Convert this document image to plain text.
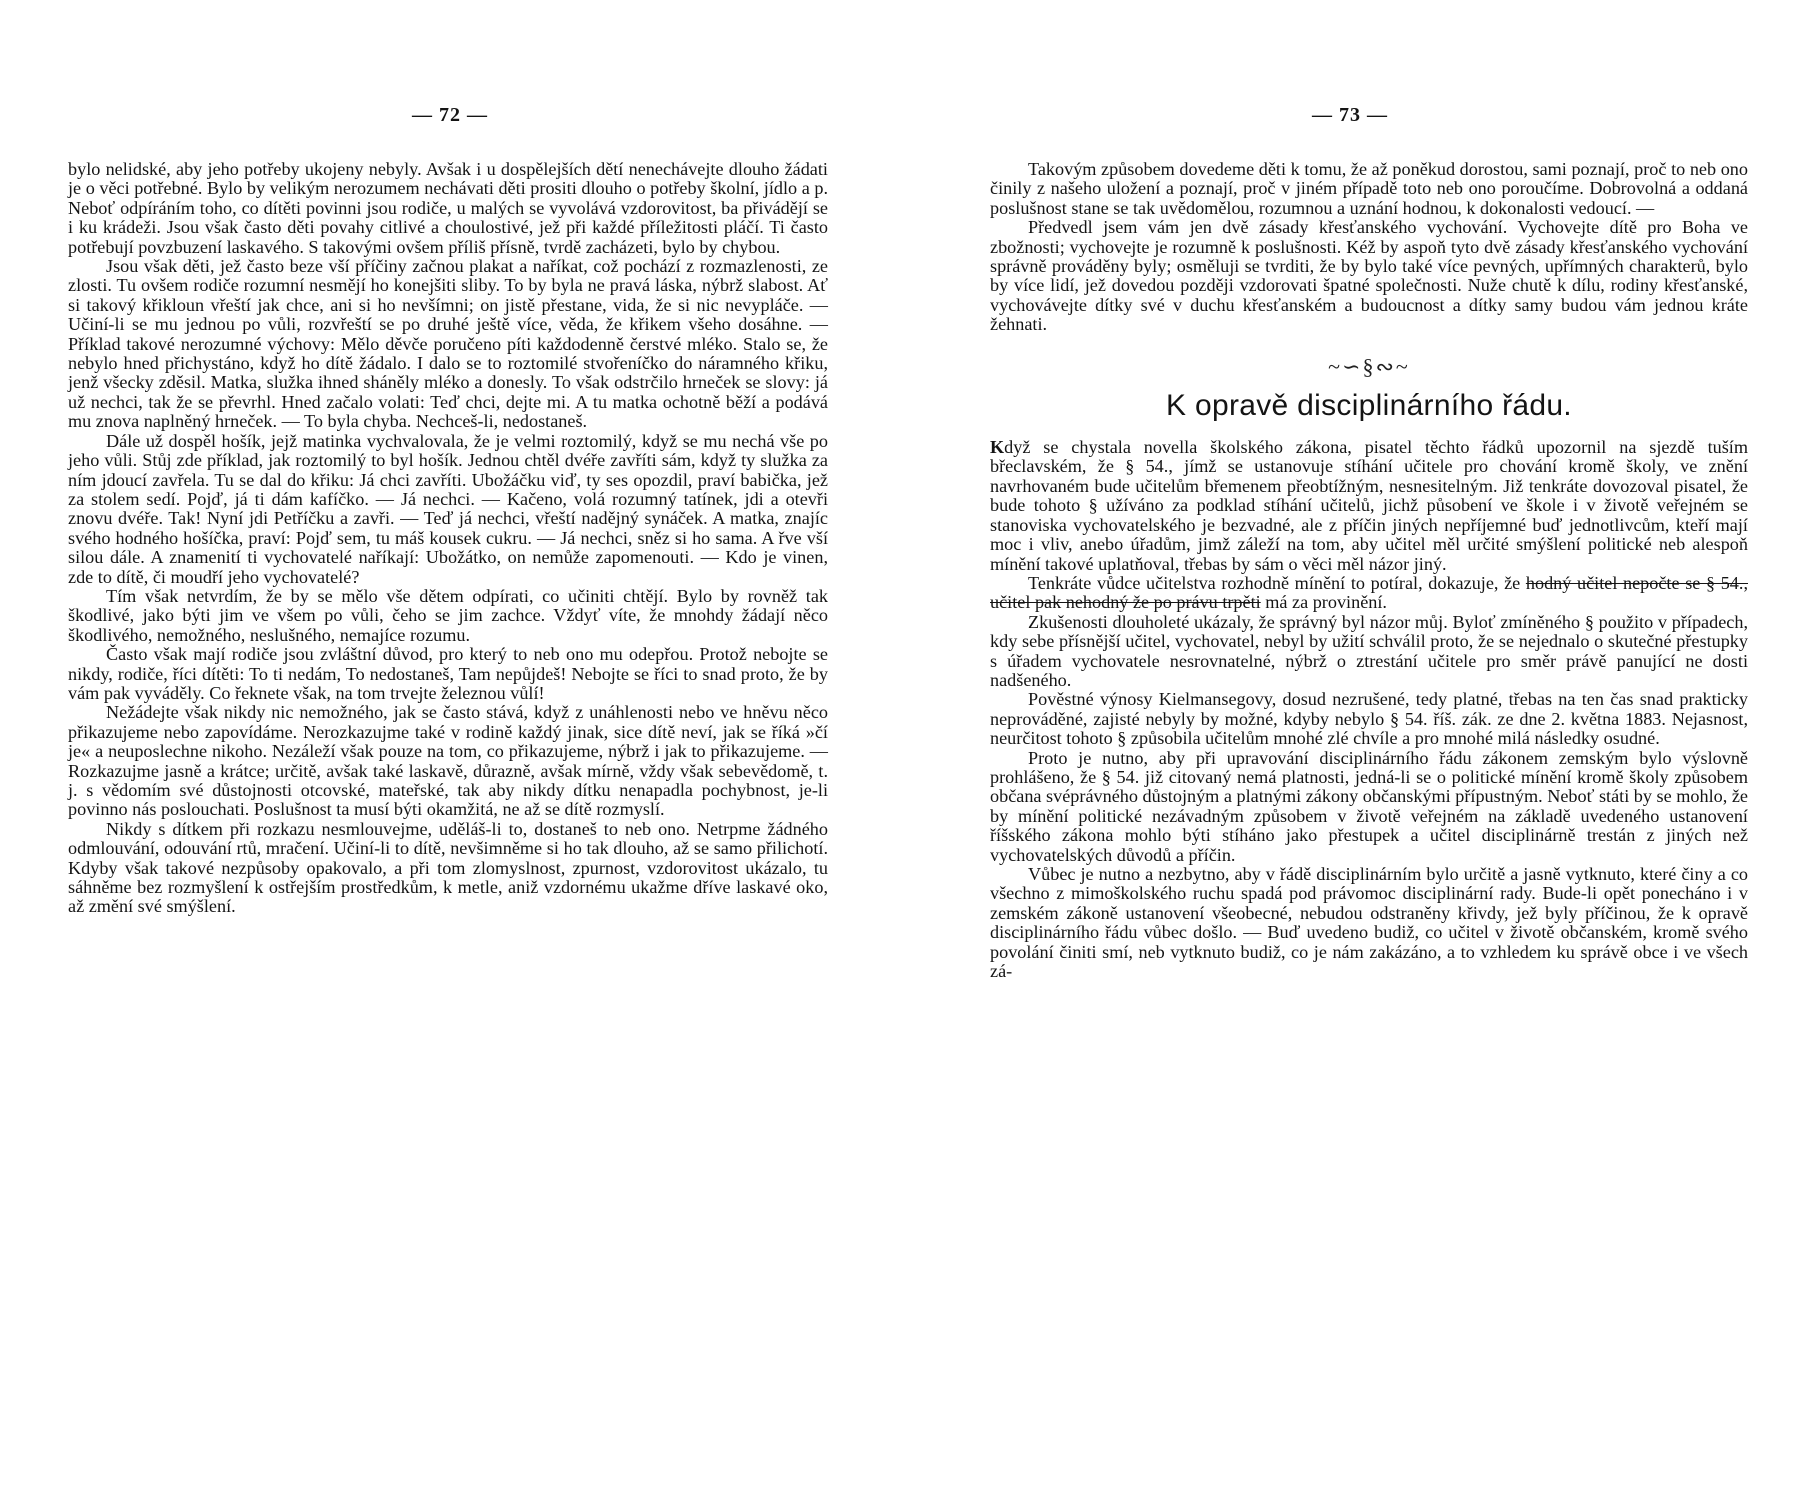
— 72 —

bylo nelidské, aby jeho potřeby ukojeny nebyly. Avšak i u dospělejších dětí nenechávejte dlouho žádati je o věci potřebné. Bylo by velikým nerozumem nechávati děti prositi dlouho o potřeby školní, jídlo a p. Neboť odpíráním toho, co dítěti povinni jsou rodiče, u malých se vyvolává vzdorovitost, ba přivádějí se i ku krádeži. Jsou však často děti povahy citlivé a choulostivé, jež při každé příležitosti pláčí. Ti často potřebují povzbuzení laskavého. S takovými ovšem příliš přísně, tvrdě zacházeti, bylo by chybou.

Jsou však děti, jež často beze vší příčiny začnou plakat a naříkat, což pochází z rozmazlenosti, ze zlosti. Tu ovšem rodiče rozumní nesmějí ho konejšiti sliby. To by byla ne pravá láska, nýbrž slabost. Ať si takový křikloun vřeští jak chce, ani si ho nevšímni; on jistě přestane, vida, že si nic nevypláče. — Učiní-li se mu jednou po vůli, rozvřeští se po druhé ještě více, věda, že křikem všeho dosáhne. — Příklad takové nerozumné výchovy: Mělo děvče poručeno píti každodenně čerstvé mléko. Stalo se, že nebylo hned přichystáno, když ho dítě žádalo. I dalo se to roztomilé stvořeníčko do náramného křiku, jenž všecky zděsil. Matka, služka ihned sháněly mléko a donesly. To však odstrčilo hrneček se slovy: já už nechci, tak že se převrhl. Hned začalo volati: Teď chci, dejte mi. A tu matka ochotně běží a podává mu znova naplněný hrneček. — To byla chyba. Nechceš-li, nedostaneš.

Dále už dospěl hošík, jejž matinka vychvalovala, že je velmi roztomilý, když se mu nechá vše po jeho vůli. Stůj zde příklad, jak roztomilý to byl hošík. Jednou chtěl dvéře zavříti sám, když ty služka za ním jdoucí zavřela. Tu se dal do křiku: Já chci zavříti. Ubožáčku viď, ty ses opozdil, praví babička, jež za stolem sedí. Pojď, já ti dám kafíčko. — Já nechci. — Kačeno, volá rozumný tatínek, jdi a otevři znovu dvéře. Tak! Nyní jdi Petříčku a zavři. — Teď já nechci, vřeští nadějný synáček. A matka, znajíc svého hodného hošíčka, praví: Pojď sem, tu máš kousek cukru. — Já nechci, sněz si ho sama. A řve vší silou dále. A znamenití ti vychovatelé naříkají: Ubožátko, on nemůže zapomenouti. — Kdo je vinen, zde to dítě, či moudří jeho vychovatelé?

Tím však netvrdím, že by se mělo vše dětem odpírati, co učiniti chtějí. Bylo by rovněž tak škodlivé, jako býti jim ve všem po vůli, čeho se jim zachce. Vždyť víte, že mnohdy žádají něco škodlivého, nemožného, neslušného, nemajíce rozumu.

Často však mají rodiče jsou zvláštní důvod, pro který to neb ono mu odepřou. Protož nebojte se nikdy, rodiče, říci dítěti: To ti nedám, To nedostaneš, Tam nepůjdeš! Nebojte se říci to snad proto, že by vám pak vyváděly. Co řeknete však, na tom trvejte železnou vůlí!

Nežádejte však nikdy nic nemožného, jak se často stává, když z unáhlenosti nebo ve hněvu něco přikazujeme nebo zapovídáme. Nerozkazujme také v rodině každý jinak, sice dítě neví, jak se říká »čí je« a neuposlechne nikoho. Nezáleží však pouze na tom, co přikazujeme, nýbrž i jak to přikazujeme. — Rozkazujme jasně a krátce; určitě, avšak také laskavě, důrazně, avšak mírně, vždy však sebevědomě, t. j. s vědomím své důstojnosti otcovské, mateřské, tak aby nikdy dítku nenapadla pochybnost, je-li povinno nás poslouchati. Poslušnost ta musí býti okamžitá, ne až se dítě rozmyslí.

Nikdy s dítkem při rozkazu nesmlouvejme, uděláš-li to, dostaneš to neb ono. Netrpme žádného odmlouvání, odouvání rtů, mračení. Učiní-li to dítě, nevšimněme si ho tak dlouho, až se samo přilichotí. Kdyby však takové nezpůsoby opakovalo, a při tom zlomyslnost, zpurnost, vzdorovitost ukázalo, tu sáhněme bez rozmyšlení k ostřejším prostředkům, k metle, aniž vzdornému ukažme dříve laskavé oko, až změní své smýšlení.

— 73 —

Takovým způsobem dovedeme děti k tomu, že až poněkud dorostou, sami poznají, proč to neb ono činily z našeho uložení a poznají, proč v jiném případě toto neb ono poroučíme. Dobrovolná a oddaná poslušnost stane se tak uvědomělou, rozumnou a uznání hodnou, k dokonalosti vedoucí. —

Předvedl jsem vám jen dvě zásady křesťanského vychování. Vychovejte dítě pro Boha ve zbožnosti; vychovejte je rozumně k poslušnosti. Kéž by aspoň tyto dvě zásady křesťanského vychování správně prováděny byly; osměluji se tvrditi, že by bylo také více pevných, upřímných charakterů, bylo by více lidí, jež dovedou později vzdorovati špatné společnosti. Nuže chutě k dílu, rodiny křesťanské, vychovávejte dítky své v duchu křesťanském a budoucnost a dítky samy budou vám jednou kráte žehnati.

~∽§∾~
K opravě disciplinárního řádu.

Když se chystala novella školského zákona, pisatel těchto řádků upozornil na sjezdě tuším břeclavském, že § 54., jímž se ustanovuje stíhání učitele pro chování kromě školy, ve znění navrhovaném bude učitelům břemenem přeobtížným, nesnesitelným. Již tenkráte dovozoval pisatel, že bude tohoto § užíváno za podklad stíhání učitelů, jichž působení ve škole i v životě veřejném se stanoviska vychovatelského je bezvadné, ale z příčin jiných nepříjemné buď jednotlivcům, kteří mají moc i vliv, anebo úřadům, jimž záleží na tom, aby učitel měl určité smýšlení politické neb alespoň mínění takové uplatňoval, třebas by sám o věci měl názor jiný.

Tenkráte vůdce učitelstva rozhodně mínění to potíral, dokazuje, že hodný učitel nepočte se § 54., učitel pak nehodný že po právu trpěti má za provinění.

Zkušenosti dlouholeté ukázaly, že správný byl názor můj. Byloť zmíněného § použito v případech, kdy sebe přísnější učitel, vychovatel, nebyl by užití schválil proto, že se nejednalo o skutečné přestupky s úřadem vychovatele nesrovnatelné, nýbrž o ztrestání učitele pro směr právě panující ne dosti nadšeného.

Pověstné výnosy Kielmansegovy, dosud nezrušené, tedy platné, třebas na ten čas snad prakticky neprováděné, zajisté nebyly by možné, kdyby nebylo § 54. říš. zák. ze dne 2. května 1883. Nejasnost, neurčitost tohoto § způsobila učitelům mnohé zlé chvíle a pro mnohé milá následky osudné.

Proto je nutno, aby při upravování disciplinárního řádu zákonem zemským bylo výslovně prohlášeno, že § 54. již citovaný nemá platnosti, jedná-li se o politické mínění kromě školy způsobem občana svéprávného důstojným a platnými zákony občanskými přípustným. Neboť státi by se mohlo, že by mínění politické nezávadným způsobem v životě veřejném na základě uvedeného ustanovení říšského zákona mohlo býti stíháno jako přestupek a učitel disciplinárně trestán z jiných než vychovatelských důvodů a příčin.

Vůbec je nutno a nezbytno, aby v řádě disciplinárním bylo určitě a jasně vytknuto, které činy a co všechno z mimoškolského ruchu spadá pod právomoc disciplinární rady. Bude-li opět ponecháno i v zemském zákoně ustanovení všeobecné, nebudou odstraněny křivdy, jež byly příčinou, že k opravě disciplinárního řádu vůbec došlo. — Buď uvedeno budiž, co učitel v životě občanském, kromě svého povolání činiti smí, neb vytknuto budiž, co je nám zakázáno, a to vzhledem ku správě obce i ve všech zá-
